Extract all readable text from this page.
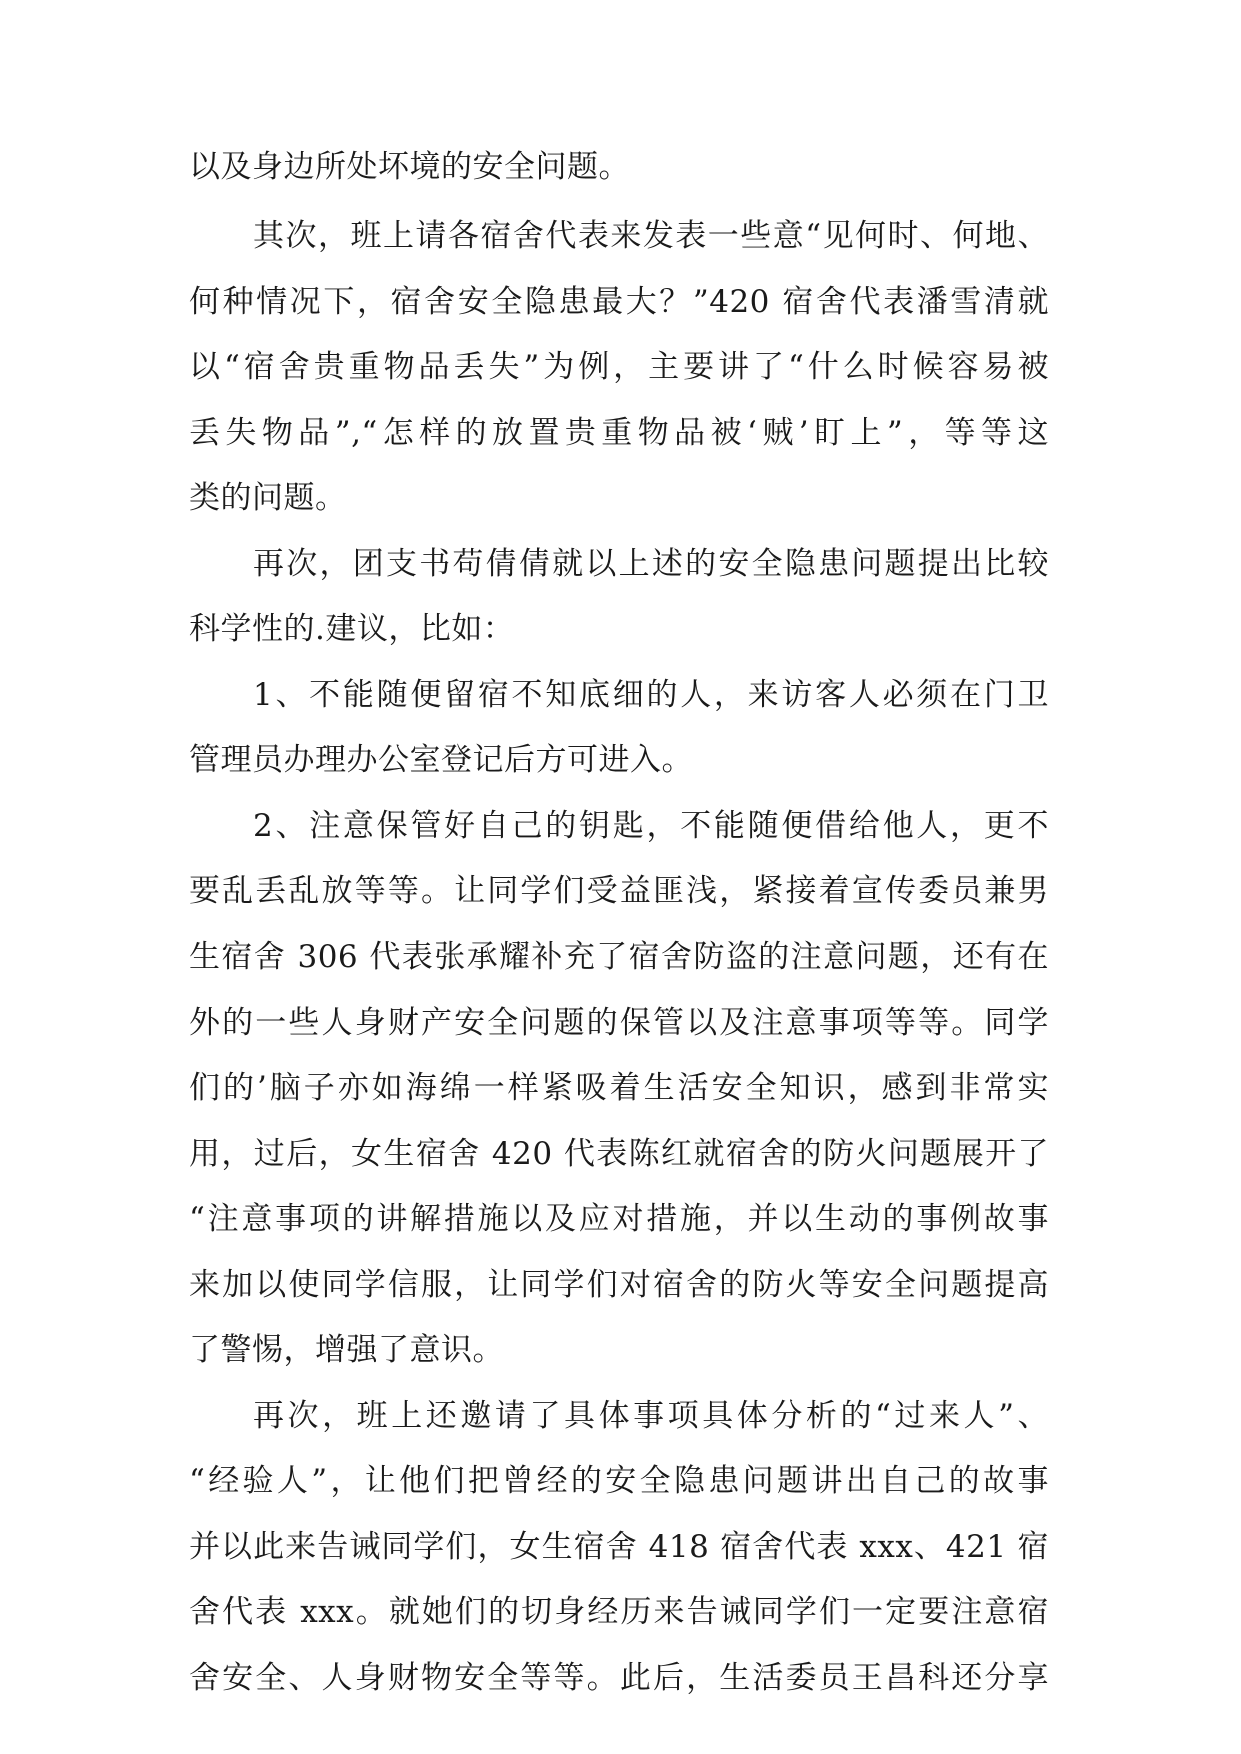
以及身边所处坏境的安全问题。
其次，班上请各宿舍代表来发表一些意“见何时、何地、
何种情况下，宿舍安全隐患最大？”420 宿舍代表潘雪清就
以“宿舍贵重物品丢失”为例，主要讲了“什么时候容易被
丢失物品”,“怎样的放置贵重物品被‘贼’盯上”，等等这
类的问题。
再次，团支书苟倩倩就以上述的安全隐患问题提出比较
科学性的.建议，比如：
1、不能随便留宿不知底细的人，来访客人必须在门卫
管理员办理办公室登记后方可进入。
2、注意保管好自己的钥匙，不能随便借给他人，更不
要乱丢乱放等等。让同学们受益匪浅，紧接着宣传委员兼男
生宿舍 306 代表张承耀补充了宿舍防盗的注意问题，还有在
外的一些人身财产安全问题的保管以及注意事项等等。同学
们的’脑子亦如海绵一样紧吸着生活安全知识，感到非常实
用，过后，女生宿舍 420 代表陈红就宿舍的防火问题展开了
“注意事项的讲解措施以及应对措施，并以生动的事例故事
来加以使同学信服，让同学们对宿舍的防火等安全问题提高
了警惕，增强了意识。
再次，班上还邀请了具体事项具体分析的“过来人”、
“经验人”，让他们把曾经的安全隐患问题讲出自己的故事
并以此来告诫同学们，女生宿舍 418 宿舍代表 xxx、421 宿
舍代表 xxx。就她们的切身经历来告诫同学们一定要注意宿
舍安全、人身财物安全等等。此后，生活委员王昌科还分享
